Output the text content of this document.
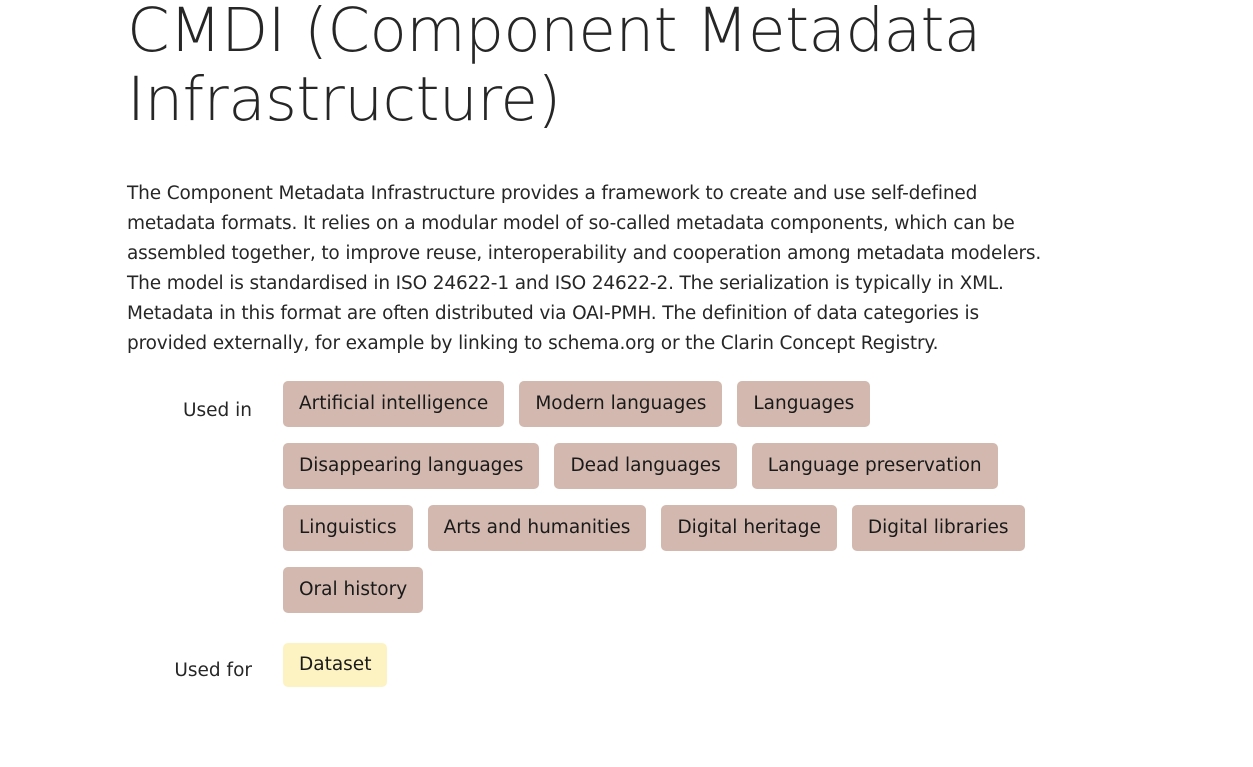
CMDI (Component Metadata Infrastructure)

The Component Metadata Infrastructure provides a framework to create and use self-defined metadata formats. It relies on a modular model of so-called metadata components, which can be assembled together, to improve reuse, interoperability and cooperation among metadata modelers. The model is standardised in ISO 24622-1 and ISO 24622-2. The serialization is typically in XML. Metadata in this format are often distributed via OAI-PMH. The definition of data categories is provided externally, for example by linking to schema.org or the Clarin Concept Registry.

Used in	Artificial intelligence	Modern languages	Languages
Disappearing languages	Dead languages	Language preservation
Linguistics	Arts and humanities	Digital heritage	Digital libraries
Oral history
Used for	Dataset
